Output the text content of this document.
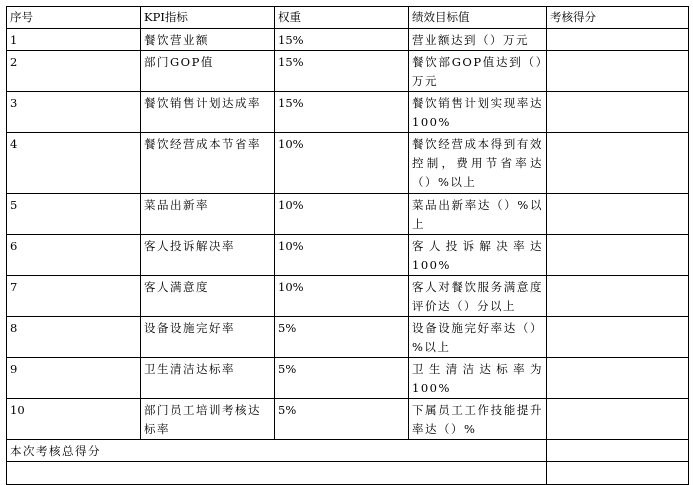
序号	KPI指标	权重	绩效目标值	考核得分
1	餐饮营业额	15%	营业额达到（）万元	
2	部门GOP值	15%	餐饮部GOP值达到（）万元	
3	餐饮销售计划达成率	15%	餐饮销售计划实现率达100%	
4	餐饮经营成本节省率	10%	餐饮经营成本得到有效控制，费用节省率达（）%以上	
5	菜品出新率	10%	菜品出新率达（）%以上	
6	客人投诉解决率	10%	客人投诉解决率达100%	
7	客人满意度	10%	客人对餐饮服务满意度评价达（）分以上	
8	设备设施完好率	5%	设备设施完好率达（）%以上	
9	卫生清洁达标率	5%	卫生清洁达标率为100%	
10	部门员工培训考核达标率	5%	下属员工工作技能提升率达（）%	
本次考核总得分				
